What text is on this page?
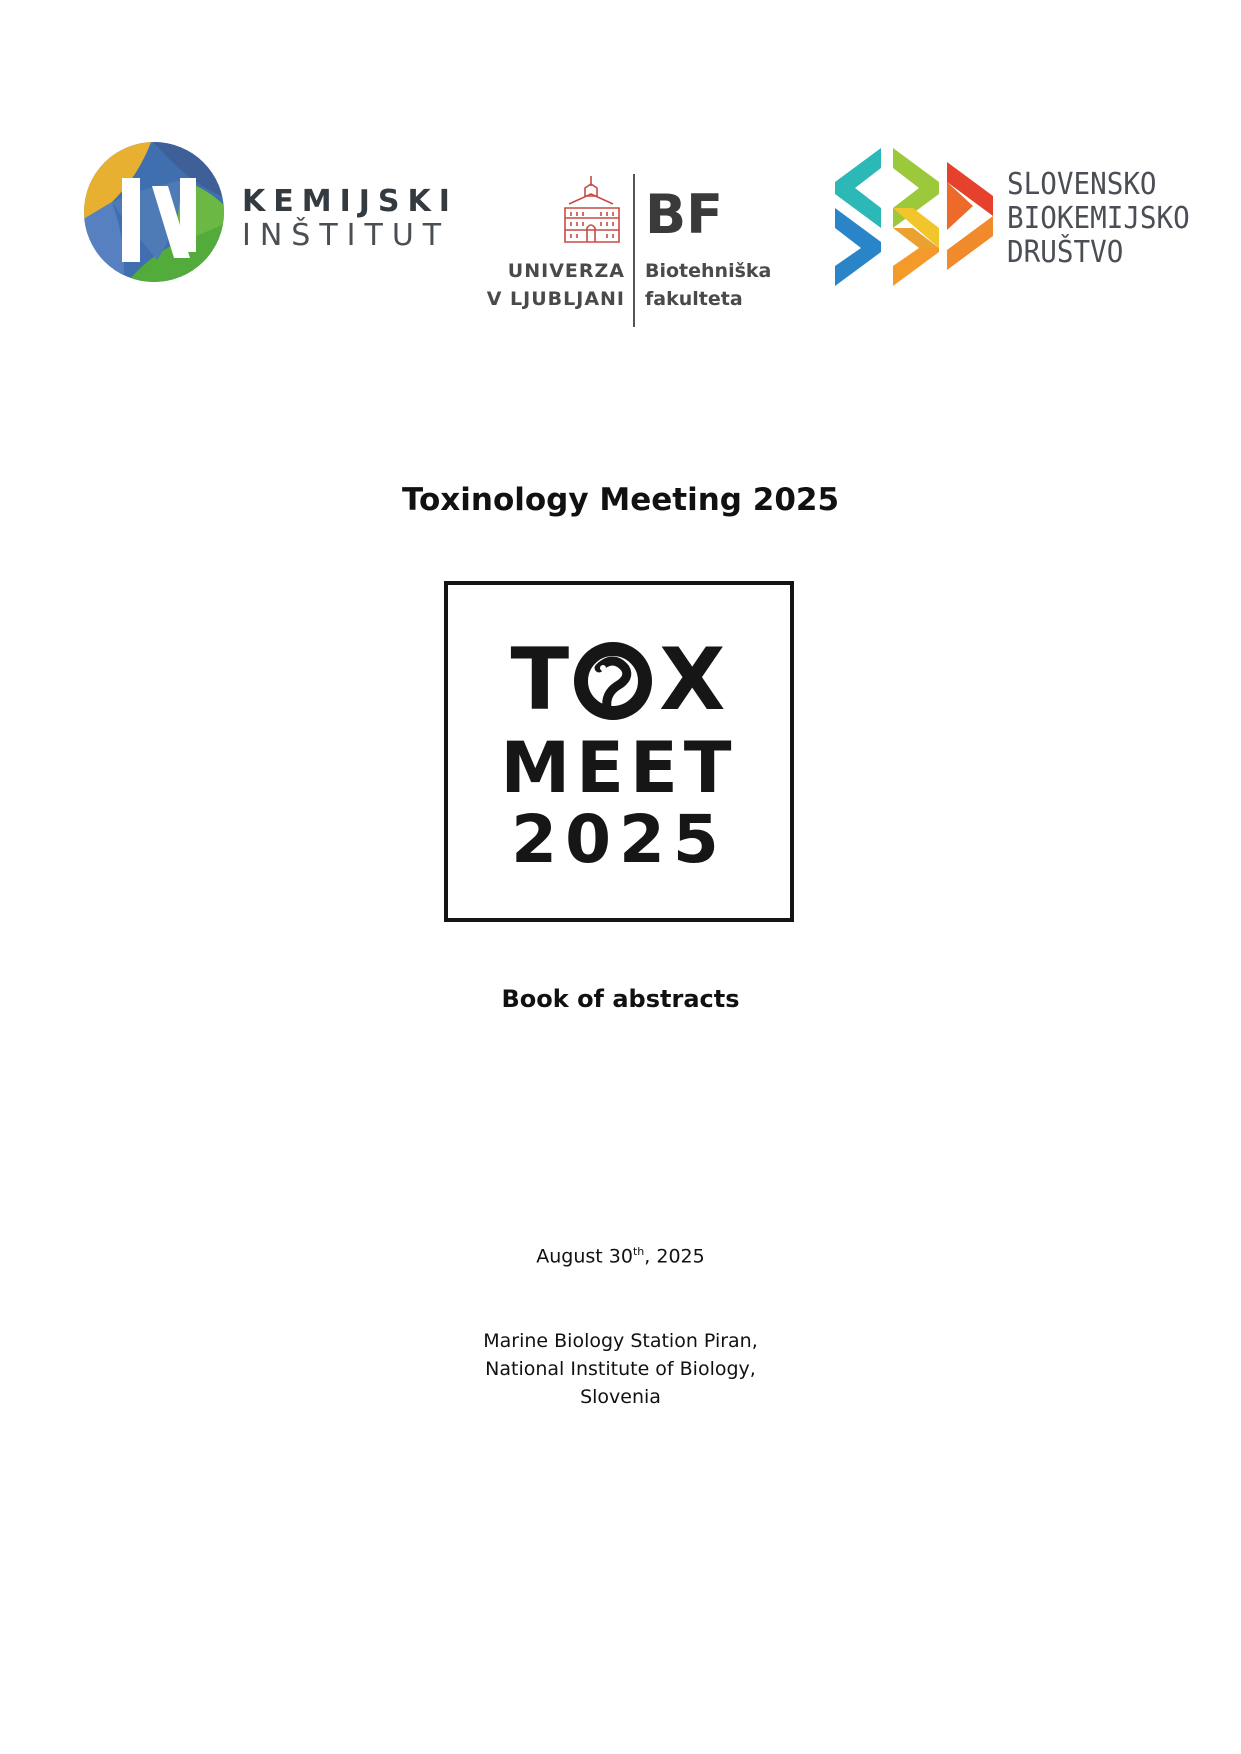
KEMIJSKI
INŠTITUT	BF
UNIVERZA
V LJUBLJANI
Biotehniška
fakulteta
SLOVENSKO
BIOKEMIJSKO
DRUŠTVO
Toxinology Meeting 2025
T X
MEET
2025
Book of abstracts
August 30th, 2025
Marine Biology Station Piran,
National Institute of Biology,
Slovenia
